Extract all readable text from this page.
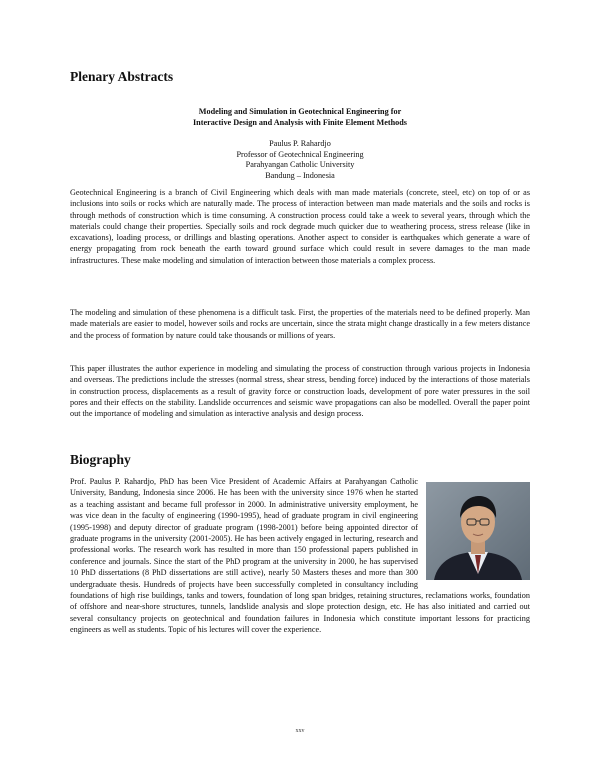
Plenary Abstracts
Modeling and Simulation in Geotechnical Engineering for
Interactive Design and Analysis with Finite Element Methods
Paulus P. Rahardjo
Professor of Geotechnical Engineering
Parahyangan Catholic University
Bandung – Indonesia

Geotechnical Engineering is a branch of Civil Engineering which deals with man made materials (concrete, steel, etc) on top of or as inclusions into soils or rocks which are naturally made. The process of interaction between man made materials and the soils and rocks is through methods of construction which is time consuming. A construction process could take a week to several years, through which the materials could change their properties. Specially soils and rock degrade much quicker due to weathering process, stress release (like in excavations), loading process, or drillings and blasting operations. Another aspect to consider is earthquakes which generate a ware of energy propagating from rock beneath the earth toward ground surface which could result in severe damages to the man made infrastructures. These make modeling and simulation of interaction between those materials a complex process.

The modeling and simulation of these phenomena is a difficult task. First, the properties of the materials need to be defined properly. Man made materials are easier to model, however soils and rocks are uncertain, since the strata might change drastically in a few meters distance and the process of formation by nature could take thousands or millions of years.

This paper illustrates the author experience in modeling and simulating the process of construction through various projects in Indonesia and overseas. The predictions include the stresses (normal stress, shear stress, bending force) induced by the interactions of those materials in construction process, displacements as a result of gravity force or construction loads, development of pore water pressures in the soil pores and their effects on the stability. Landslide occurrences and seismic wave propagations can also be modelled. Overall the paper point out the importance of modeling and simulation as interactive analysis and design process.

Biography
Prof. Paulus P. Rahardjo, PhD has been Vice President of Academic Affairs at Parahyangan Catholic University, Bandung, Indonesia since 2006. He has been with the university since 1976 when he started as a teaching assistant and became full professor in 2000. In administrative university employment, he was vice dean in the faculty of engineering (1990-1995), head of graduate program in civil engineering (1995-1998) and deputy director of graduate program (1998-2001) before being appointed director of graduate programs in the university (2001-2005). He has been actively engaged in lecturing, research and professional works. The research work has resulted in more than 150 professional papers published in conference and journals. Since the start of the PhD program at the university in 2000, he has supervised 10 PhD dissertations (8 PhD dissertations are still active), nearly 50 Masters theses and more than 300 undergraduate thesis. Hundreds of projects have been successfully completed in consultancy including foundations of high rise buildings, tanks and towers, foundation of long span bridges, retaining structures, reclamations works, foundation of offshore and near-shore structures, tunnels, landslide analysis and slope protection design, etc. He has also initiated and carried out several consultancy projects on geotechnical and foundation failures in Indonesia which constitute important lessons for practicing engineers as well as students. Topic of his lectures will cover the experience.
xxv
